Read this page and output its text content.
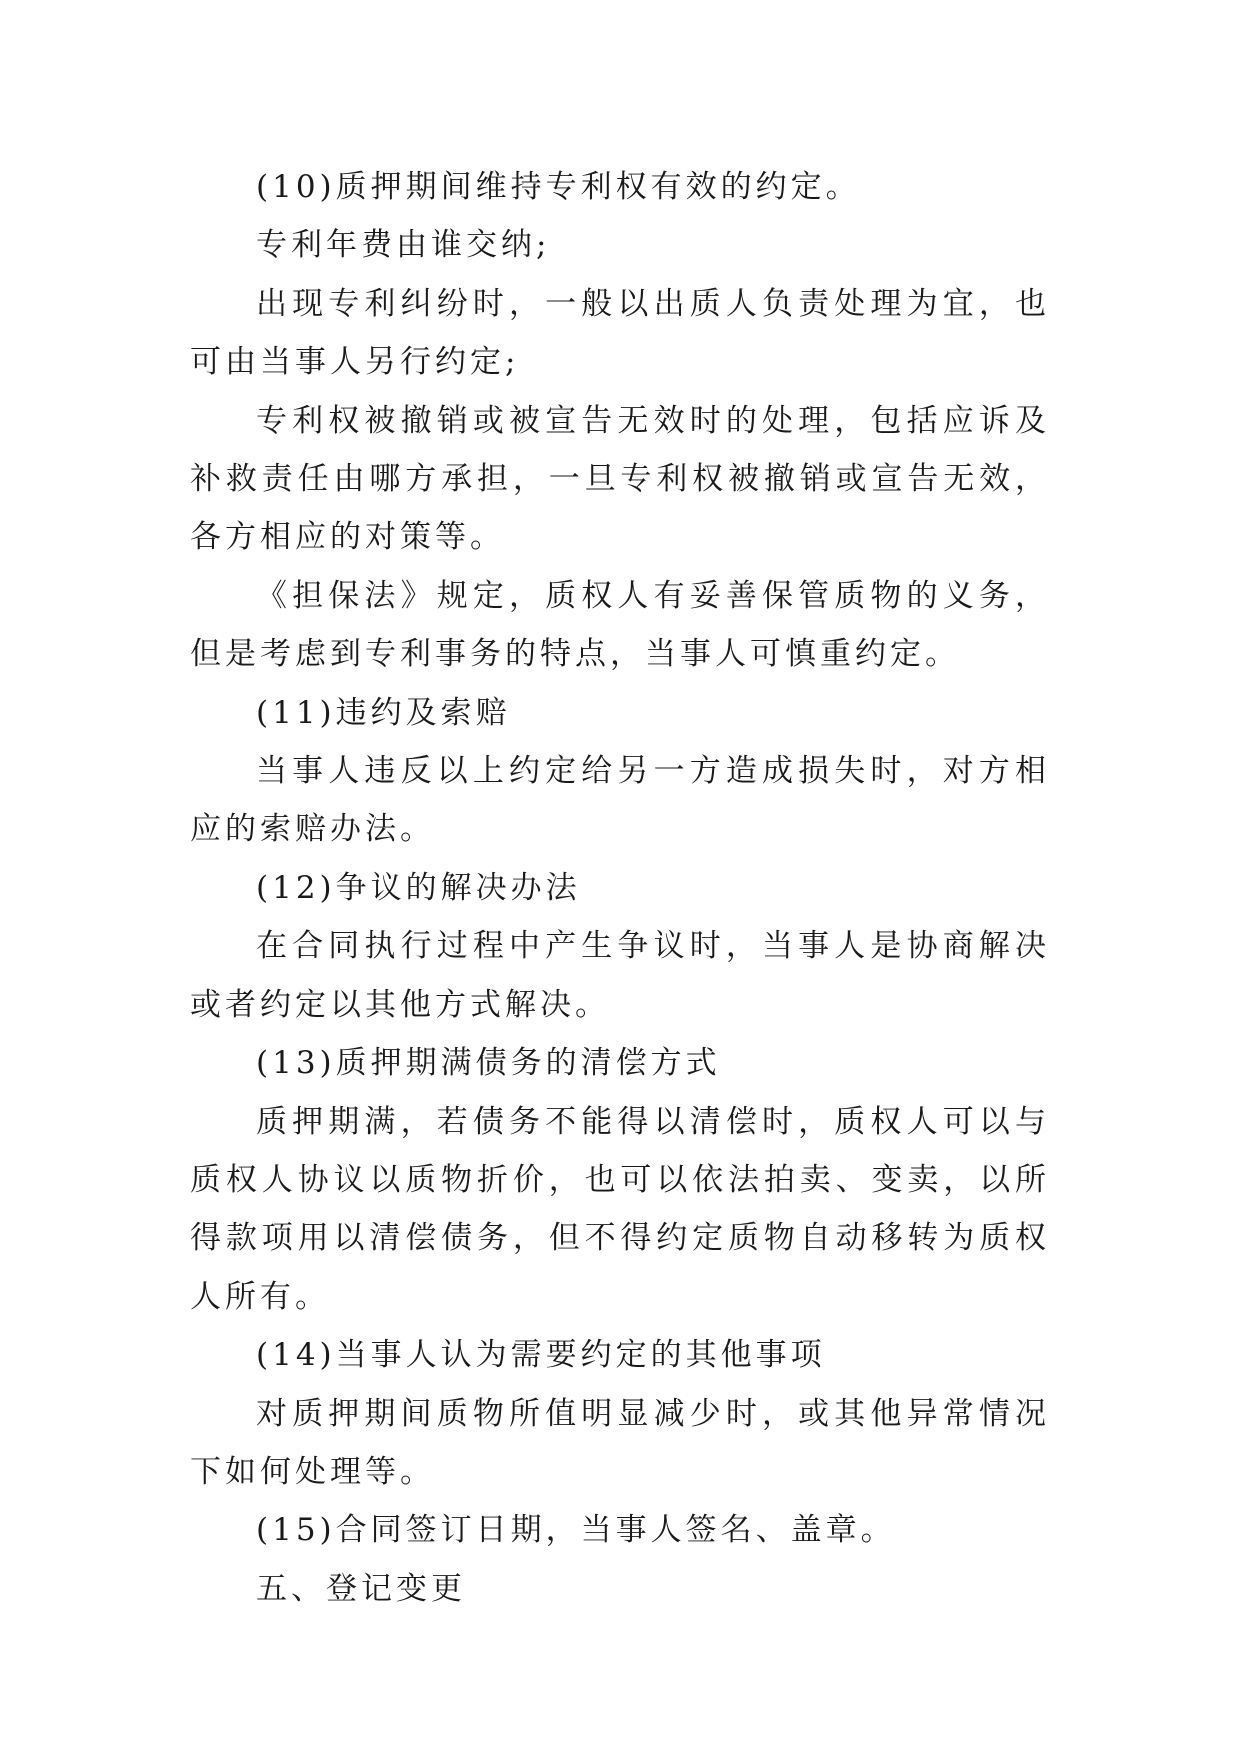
(10)质押期间维持专利权有效的约定。

专利年费由谁交纳;

出现专利纠纷时，一般以出质人负责处理为宜，也可由当事人另行约定;

专利权被撤销或被宣告无效时的处理，包括应诉及补救责任由哪方承担，一旦专利权被撤销或宣告无效，各方相应的对策等。

《担保法》规定，质权人有妥善保管质物的义务，但是考虑到专利事务的特点，当事人可慎重约定。

(11)违约及索赔

当事人违反以上约定给另一方造成损失时，对方相应的索赔办法。

(12)争议的解决办法

在合同执行过程中产生争议时，当事人是协商解决或者约定以其他方式解决。

(13)质押期满债务的清偿方式

质押期满，若债务不能得以清偿时，质权人可以与质权人协议以质物折价，也可以依法拍卖、变卖，以所得款项用以清偿债务，但不得约定质物自动移转为质权人所有。

(14)当事人认为需要约定的其他事项

对质押期间质物所值明显减少时，或其他异常情况下如何处理等。

(15)合同签订日期，当事人签名、盖章。

五、登记变更
